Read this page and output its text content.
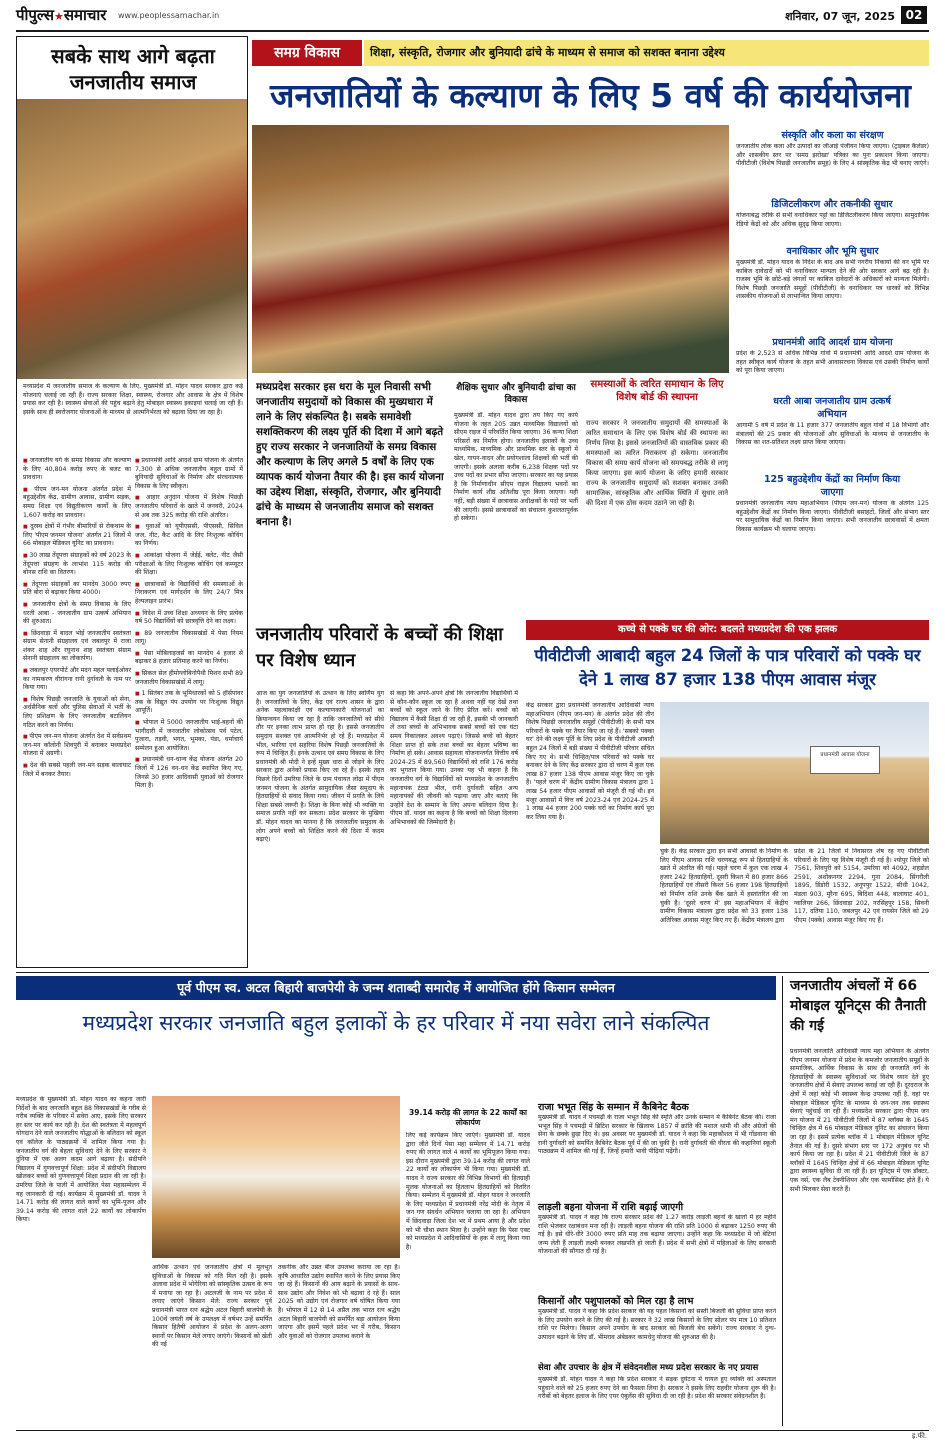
पीपुल्स★समाचार www.peoplessamachar.in	शनिवार, 07 जून, 2025 02
सबके साथ आगे बढ़ता जनजातीय समाज
मध्यप्रदेश में जनजातीय समाज के कल्याण के लिए, मुख्यमंत्री डॉ. मोहन यादव सरकार द्वारा कई योजनाएं चलाई जा रही हैं। राज्य सरकार शिक्षा, स्वास्थ्य, रोजगार और आवास के क्षेत्र में विशेष प्रयास कर रही है। स्वास्थ्य सेवाओं की पहुंच बढ़ाने हेतु मोबाइल स्वास्थ्य इकाइयां चलाई जा रही हैं। इसके साथ ही स्वरोजगार योजनाओं के माध्यम से आत्मनिर्भरता को बढ़ावा दिया जा रहा है।

■ जनजातीय वर्ग के समग्र विकास और कल्याण के लिए 40,804 करोड़ रुपए के बजट का प्रावधान।

■ पीएम जन-मन योजना अंतर्गत प्रदेश में बहुउद्देशीय केंद्र, ग्रामीण आवास, ग्रामीण सड़क, समग्र शिक्षा एवं विद्युतीकरण कार्यों के लिए 1,607 करोड़ का प्रावधान।

■ दुरस्थ क्षेत्रों में गंभीर बीमारियों से रोकथाम के लिए 'पीएम जनमन योजना' अंतर्गत 21 जिलों में 66 मोबाइल मेडिकल यूनिट का प्रावधान।

■ 30 लाख तेंदूपत्ता संग्राहकों को वर्ष 2023 के तेंदूपत्ता संग्रहण के लाभांश 115 करोड़ की बोनस राशि का वितरण।

■ तेंदूपत्ता संग्राहकों का मानदेय 3000 रुपए प्रति बोरा से बढ़ाकर किया 4000।

■ जनजातीय क्षेत्रों के समग्र विकास के लिए धरती आबा - जनजातीय ग्राम उत्कर्ष अभियान की शुरुआत।

■ छिंदवाड़ा में बादल भोई जनजातीय स्वतंत्रता संग्राम सेनानी संग्रहालय एवं जबलपुर में राजा शंकर शाह और रघुनाथ शाह स्वतंत्रता संग्राम सेनानी संग्रहालय का लोकार्पण।

■ जबलपुर एयरपोर्ट और मदन महल फ्लाईओवर का नामकरण वीरांगना रानी दुर्गावती के नाम पर किया गया।

■ विशेष पिछड़ी जनजाति के युवाओं को सेना, अर्धसैनिक बलों और पुलिस सेवाओं में भर्ती के लिए प्रशिक्षण के लिए जनजातीय बटालियन गठित करने का निर्णय।

■ पीएम जन-मन योजना अंतर्गत देश में सर्वप्रथम जन-मन कॉलोनी शिवपुरी में बनाकर मध्यप्रदेश योजना में अग्रणी।

■ देश की सबसे पहली जन-मन सड़क बालाघाट जिले में बनकर तैयार।

■ प्रधानमंत्री आदि आदर्श ग्राम योजना के अंतर्गत 7,300 से अधिक जनजातीय बहुल ग्रामों में बुनियादी सुविधाओं के निर्माण और संरचनात्मक विकास के लिए स्वीकृत।

■ आहार अनुदान योजना में विशेष पिछड़ी जनजातीय परिवारों के खाते में जनवरी, 2024 से अब तक 325 करोड़ की राशि अंतरित।

■ युवाओं को यूपीएससी, पीएससी, सिविल जज, नीट, कैट आदि के लिए निःशुल्क कोचिंग का निर्णय।

■ आकांक्षा योजना में जेईई, क्लेट, नीट जैसी परीक्षाओं के लिए निःशुल्क कोचिंग एवं कम्प्यूटर की शिक्षा।

■ छात्रावासों के विद्यार्थियों की समस्याओं के निराकरण एवं मार्गदर्शन के लिए 24/7 मित्र हेल्पलाइन प्रारंभ।

■ विदेश में उच्च शिक्षा अध्ययन के लिए प्रत्येक वर्ष 50 विद्यार्थियों को छात्रवृत्ति देने का लक्ष्य।

■ 89 जनजातीय विकासखंडों में पेसा नियम लागू।

■ पेसा मोबिलाइजर्स का मानदेय 4 हजार से बढ़ाकर 8 हजार प्रतिमाह करने का निर्णय।

■ सिकल सेल हीमोग्लोबिनोपैथी मिशन सभी 89 जनजातीय विकासखंडों में लागू।

■ 1 सितंबर तक के भूमिधारकों को 5 हॉर्सपावर तक के विद्युत पंप उपयोग पर निःशुल्क विद्युत आपूर्ति।

■ भोपाल में 5000 जनजातीय भाई-बहनों की भागीदारी में जनजातीय लोकोत्सव पर्व पटेल, पुजारा, तड़वी, भगत, भूमका, पंडा, धर्माचार्य सम्मेलन हुआ आयोजित।

■ प्रधानमंत्री धन-धान्य केंद्र योजना अंतर्गत 20 जिलों में 126 वन-धन केंद्र स्थापित किए गए, जिनसे 30 हजार आदिवासी युवाओं को रोजगार मिला है।

समग्र विकास	शिक्षा, संस्कृति, रोजगार और बुनियादी ढांचे के माध्यम से समाज को सशक्त बनाना उद्देश्य
जनजातियों के कल्याण के लिए 5 वर्ष की कार्ययोजना
संस्कृति और कला का संरक्षण
जनजातीय लोक कला और उत्पादों का जीआई पंजीयन किया जाएगा। (ट्राइबल कैलेंडर) और शासकीय स्तर पर 'समग्र झरोखा' पत्रिका का पुनः प्रकाशन किया जाएगा। पीवीटीजी (विशेष पिछड़ी जनजातीय समूह) के लिए 4 सांस्कृतिक केंद्र भी बनाए जाएंगे।
डिजिटलीकरण और तकनीकी सुधार
योजनाबद्ध तरीके से सभी वनाधिकार पट्टों का डिजिटलीकरण किया जाएगा। सामुदायिक रेडियो केंद्रों को और अधिक सुदृढ़ किया जाएगा।
वनाधिकार और भूमि सुधार
मुख्यमंत्री डॉ. मोहन यादव के निर्देश के बाद अब सभी नगरीय निकायों की वन भूमि पर काबिज दावेदारों को भी वनाधिकार मान्यता देने की ओर सरकार आगे बढ़ रही है। राजस्व भूमि के छोटे-बड़े जंगलों पर काबिज दावेदारों के अधिकारों को मान्यता मिलेगी। विशेष पिछड़ी जनजाति समूहों (पीवीटीजी) के वनाधिकार पत्र धारकों को विभिन्न शासकीय योजनाओं से लाभान्वित किया जाएगा।
प्रधानमंत्री आदि आदर्श ग्राम योजना
प्रदेश के 2,523 से अधिक विभिन्न गांवों में प्रधानमंत्री आदि आदर्श ग्राम योजना के तहत स्वीकृत कार्य योजना के तहत सभी आवासरचना विकास एवं उसकी निर्माण कार्यों को पूरा किया जाएगा।
धरती आबा जनजातीय ग्राम उत्कर्ष अभियान
आगामी 5 वर्ष में प्रदेश के 11 हजार 377 जनजातीय बहुल गांवों में 18 विभागों और मंत्रालयों की 25 प्रकार की योजनाओं और सुविधाओं के माध्यम से जनजातीय के विकास का शत-प्रतिशत लक्ष्य प्राप्त किया जाएगा।
125 बहुउद्देशीय केंद्रों का निर्माण किया जाएगा
प्रधानमंत्री जनजातीय न्याय महाअभियान (पीएम जन-मन) योजना के अंतर्गत 125 बहुउद्देशीय केंद्रों का निर्माण किया जाएगा। पीवीटीजी बसाहटों, जिलों और संभाग स्तर पर सामुदायिक केंद्रों का निर्माण किया जाएगा। सभी जनजातीय छात्रावासों में क्षमता विकास कार्यक्रम भी चलाया जाएगा।
मध्यप्रदेश सरकार इस धरा के मूल निवासी सभी जनजातीय समुदायों को विकास की मुख्यधारा में लाने के लिए संकल्पित है। सबके समावेशी सशक्तिकरण की लक्ष्य पूर्ति की दिशा में आगे बढ़ते हुए राज्य सरकार ने जनजातियों के समग्र विकास और कल्याण के लिए अगले 5 वर्षों के लिए एक व्यापक कार्य योजना तैयार की है। इस कार्य योजना का उद्देश्य शिक्षा, संस्कृति, रोजगार, और बुनियादी ढांचे के माध्यम से जनजातीय समाज को सशक्त बनाना है।
शैक्षिक सुधार और बुनियादी ढांचा का विकास
मुख्यमंत्री डॉ. मोहन यादव द्वारा तय किए गए कार्य योजना के तहत 205 उन्नत माध्यमिक विद्यालयों को सीएम राइज में परिवर्तित किया जाएगा। 36 कन्या शिक्षा परिसरों का निर्माण होगा। जनजातीय इलाकों के उच्च माध्यमिक, माध्यमिक और प्राथमिक स्तर के स्कूलों में खेल, गायन-वादन और प्रयोगशाला शिक्षकों की भर्ती की जाएगी। इसके अलावा करीब 6,238 शिक्षक पदों पर उच्च पदों का प्रभार सौंपा जाएगा। सरकार का यह प्रयास है कि निर्माणाधीन सीएम राइज विद्यालय भवनों का निर्माण कार्य शीघ्र अतिशीघ्र पूरा किया जाएगा। यही नहीं, बड़ी संख्या में छात्रावास अधीक्षकों के पदों पर भर्ती की जाएगी। इससे छात्रावासों का संचालन कुशलतापूर्वक हो सकेगा।
समस्याओं के त्वरित समाधान के लिए विशेष बोर्ड की स्थापना
राज्य सरकार ने जनजातीय समुदायों की समस्याओं के त्वरित समाधान के लिए एक विशेष बोर्ड की स्थापना का निर्णय लिया है। इससे जनजातियों की वास्तविक प्रकार की समस्याओं का त्वरित निराकरण हो सकेगा। जनजातीय विकास की समग्र कार्य योजना को समयबद्ध तरीके से लागू किया जाएगा। इस कार्य योजना के जरिए हमारी सरकार राज्य के जनजातीय समुदायों को सशक्त बनाकर उनकी सामाजिक, सांस्कृतिक और आर्थिक स्थिति में सुधार लाने की दिशा में एक ठोस कदम उठाने जा रही है।
जनजातीय परिवारों के बच्चों की शिक्षा पर विशेष ध्यान
आज का युग जनजातियों के उत्थान के लिए स्वर्णिम युग है। जनजातियों के लिए, केंद्र एवं राज्य शासन के द्वारा अनेक महत्वाकांक्षी एवं कल्याणकारी योजनाओं का क्रियान्वयन किया जा रहा है ताकि जनजातियों को सीधे तौर पर इनका लाभ प्राप्त हो रहा है। इससे जनजातीय समुदाय सशक्त एवं आत्मनिर्भर हो रहे हैं। मध्यप्रदेश में भील, भारिया एवं सहरिया विशेष पिछड़ी जनजातियों के रूप में चिन्हित हैं। इनके उत्थान एवं समग्र विकास के लिए प्रधानमंत्री श्री मोदी ने इन्हें मुख्य धारा से जोड़ने के लिए सरकार द्वारा अनेकों प्रयास किए जा रहे हैं। इसके तहत पिछले दिनों उमरिया जिले के ग्राम पंचायत लोढ़ा में पीएम जनमन योजना के अंतर्गत सामुदायिक जैसा समुदाय के हितग्राहियों से संवाद किया गया। जीवन में प्रगति के लिये शिक्षा सबसे जरूरी है। शिक्षा के बिना कोई भी व्यक्ति या समाज प्रगति नहीं कर सकता। प्रदेश सरकार के मुखिया डॉ. मोहन यादव का मानना है कि जनजातीय समुदाय के लोग अपने बच्चों को शिक्षित करने की दिशा में कदम बढ़ाएं।
से कहा कि अपने-अपने क्षेत्रों कि जनजातीय विद्यार्थियों में से कौन-कौन स्कूल जा रहा है अथवा नहीं यह देखें तथा बच्चों को स्कूल जाने के लिए प्रेरित करें। बच्चों को विद्यालय में कैसी शिक्षा दी जा रही है, इसकी भी जानकारी लें तथा बच्चों के अभिभावक सबसे बच्चों को एक घंटा समय निकालकर अवश्य पढ़ाएं। जिससे बच्चे को बेहतर शिक्षा प्राप्त हो सके तथा बच्चों का बेहतर भविष्य का निर्माण हो सके। आवास सहायता योजनान्तर्गत वित्तीय वर्ष 2024-25 में 89,560 विद्यार्थियों को राशि 176 करोड़ का भुगतान किया गया। उनका यह भी कहना है कि जनजातीय वर्ग के विद्यार्थियों को मध्यप्रदेश के जनजातीय महानायक टंट्या भील, रानी दुर्गावती सहित अन्य महानायकों की जीवनी को पढ़ाया जाए और बताएं कि उन्होंने देश के सम्मान के लिए अपना बलिदान दिया है। पीएम डॉ. यादव का कहना है कि बच्चों को शिक्षा दिलाना अभिभावकों की जिम्मेदारी है।
कच्चे से पक्के घर की ओर: बदलते मध्यप्रदेश की एक झलक
पीवीटीजी आबादी बहुल 24 जिलों के पात्र परिवारों को पक्के घर देने 1 लाख 87 हजार 138 पीएम आवास मंजूर
केंद्र सरकार द्वारा प्रधानमंत्री जनजातीय आदिवासी न्याय महाअभियान (पीएम जन-मन) के अंतर्गत प्रदेश की तीन विशेष पिछड़ी जनजातीय समूहों (पीवीटीजी) के सभी पात्र परिवारों के पक्के घर तैयार किए जा रहे हैं। 'सबको पक्का घर' देने की लक्ष्य पूर्ति के लिए प्रदेश के पीवीटीजी आबादी बहुल 24 जिलों में बड़ी संख्या में पीवीटीजी परिवार संचित किए गए थे। सभी चिन्हित/पात्र परिवारों को पक्के घर बनाकर देने के लिए केंद्र सरकार द्वारा दो चरण में कुल एक लाख 87 हजार 138 पीएम आवास मंजूर किए जा चुके हैं। 'पहले चरण में' केंद्रीय ग्रामीण विकास मंत्रालय द्वारा 1 लाख 54 हजार पीएम आवासों को मंजूरी दी गई थी। इन मंजूर आवासों में वित्त वर्ष 2023-24 एवं 2024-25 में 1 लाख 44 हजार 200 पक्के घरों का निर्माण कार्य पूरा कर लिया गया है।
प्रधानमंत्री आवास योजना
चुके हैं। केंद्र सरकार द्वारा इन सभी आवासों के निर्माण के लिए पीएम आवास राशि चरणबद्ध रूप से हितग्राहियों के खाते में अंतरित की गई। पहले चरण में कुल एक लाख 4 हजार 242 हितग्राहियों, दूसरी किश्त में 80 हजार 866 हितग्राहियों एवं तीसरी किश्त 56 हजार 198 हितग्राहियों को निर्माण राशि उनके बैंक खाते में हस्तांतरित की जा चुकी है। 'दूसरे चरण में' इस महाअभियान में केंद्रीय ग्रामीण विकास मंत्रालय द्वारा प्रदेश को 33 हजार 138 अतिरिक्त आवास मंजूर किए गए हैं। केंद्रीय मंत्रालय द्वारा
प्रदेश के 21 जिलों में निवासरत शेष रह गए पीवीटीजी परिवारों के लिए यह विशेष मंजूरी दी गई है। श्योपुर जिले को 7561, शिवपुरी को 5154, उमरिया को 4092, शहडोल 2591, अशोकनगर 2294, गुना 2084, सिंगरौली 1895, डिंडोरी 1532, अनूपपुर 1522, सीधी 1042, मंडला 903, मुरैना 695, बिदिशा 448, बालाघाट 401, ग्वालियर 266, छिंदवाड़ा 202, नरसिंहपुर 158, सिवनी 117, दतिया 110, जबलपुर 42 एवं रायसेन जिले को 29 पीएम (पक्के) आवास मंजूर किए गए हैं।
पूर्व पीएम स्व. अटल बिहारी बाजपेयी के जन्म शताब्दी समारोह में आयोजित होंगे किसान सम्मेलन
मध्यप्रदेश सरकार जनजाति बहुल इलाकों के हर परिवार में नया सवेरा लाने संकल्पित
मध्यप्रदेश के मुख्यमंत्री डॉ. मोहन यादव का कहना जारी निर्देशों के बाद जनजाति बहुल 88 विकासखंडों के गरीब से गरीब व्यक्ति के परिवार में सवेरा आए, इसके लिए सरकार हर स्तर पर कार्य कर रही है। देश की स्वतंत्रता में महत्वपूर्ण योगदान देने वाले जनजातीय योद्धाओं के बलिदान को स्कूल एवं कॉलेज के पाठ्यक्रमों में शामिल किया गया है। जनजातीय वर्ग की बेहतर सुविधाएं देने के लिए सरकार ने दुनिया में एक अलग कदम आगे बढ़ाया है। संदीपनि विद्यालय में गुणवत्तापूर्ण शिक्षा: प्रदेश में संदीपनि विद्यालय खोलकर बच्चों को गुणवत्तापूर्ण शिक्षा प्रदान की जा रही है। उमरिया जिले के पाली में आयोजित पेसा महासम्मेलन में यह जानकारी दी गई। कार्यक्रम में मुख्यमंत्री डॉ. यादव ने 14.71 करोड़ की लागत वाले कार्यों का भूमि-पूजन और 39.14 करोड़ की लागत वाले 22 कार्यों का लोकार्पण किया।
आर्थिक उत्थान एवं जनजातीय क्षेत्रों में मूलभूत सुविधाओं के विकास को गति मिल रही है। इसके अलावा प्रदेश में भोगेरिया को सांस्कृतिक उत्सव के रूप में मनाया जा रहा है। अटलजी के नाम पर प्रदेश में लगाए जाएंगे किसान मेले: राज्य सरकार पूर्व प्रधानमंत्री भारत रत्न श्रद्धेय अटल बिहारी बाजपेयी के 100वें जयंती वर्ष के उपलक्ष्य में वर्षभर उन्हें समर्पित किसान हितैषी आयोजन में प्रदेश के अलग-अलग स्थानों पर किसान मेले लगाए जाएंगे। किसानों को खेती की नई
तकनीक और उन्नत बीज उपलब्ध कराया जा रहा है। कृषि आधारित उद्योग स्थापित करने के लिए प्रयास किए जा रहे हैं। किसानों की आय बढ़ाने के प्रयासों के साथ-साथ उद्योग और निवेश को भी बढ़ावा दे रहे हैं। साल 2025 को उद्योग एवं रोजगार वर्ष घोषित किया गया है। भोपाल में 12 से 14 अप्रैल तक भारत रत्न श्रद्धेय अटल बिहारी बाजपेयी को समर्पित बड़ा आयोजन किया जाएगा और इसमें पहले प्रदेश भर में गरीब, किसान और युवाओं को रोजगार उपलब्ध कराने के
39.14 करोड़ की लागत के 22 कार्यों का लोकार्पण
लिए कई कार्यक्रम किए जाएंगे। मुख्यमंत्री डॉ. यादव द्वारा जीते दिनों पेसा महा सम्मेलन में 14.71 करोड़ रुपए की लागत वाले 4 कार्यों का भूमिपूजन किया गया। इस दौरान मुख्यमंत्री द्वारा 39.14 करोड़ की लागत वाले 22 कार्यों का लोकार्पण भी किया गया। मुख्यमंत्री डॉ. यादव ने राज्य सरकार की विभिन्न विभागों की हितग्राही मूलक योजनाओं का हितलाभ हितग्राहियों को वितरित किया। सम्मेलन में मुख्यमंत्री डॉ. मोहन यादव ने जनजाति के लिए मध्यप्रदेश में प्रधानमंत्री नरेंद्र मोदी के नेतृत्व में जन गण संवर्धन अभियान चलाया जा रहा है। अभियान में छिंदवाड़ा जिला देश भर में प्रथम आया है और प्रदेश को भी चौथा स्थान मिला है। उन्होंने कहा कि पेसा एक्ट को मध्यप्रदेश में आदिवासियों के हक में लागू किया गया है।
राजा भभूत सिंह के सम्मान में कैबिनेट बैठक
मुख्यमंत्री डॉ. यादव ने पचमढ़ी के राजा भभूत सिंह की स्मृति और उनके सम्मान में कैबिनेट बैठक की। राजा भभूत सिंह ने पचमढ़ी में ब्रिटिश सरकार के खिलाफ 1857 में क्रांति की मशाल थामी थी और अंग्रेजों की सेना के छक्के छुड़ा दिए थे। इस अवसर पर मुख्यमंत्री डॉ. यादव ने कहा कि महाकौशल में भी गोंडवाना की रानी दुर्गावती को समर्पित कैबिनेट बैठक पूर्व में की जा चुकी है। रानी दुर्गावती की वीरता की कहानियां स्कूली पाठ्यक्रम में शामिल की गई हैं, जिन्हें हमारी भावी पीढ़ियां पढ़ेंगी।
लाड़ली बहना योजना में राशि बढ़ाई जाएगी
मुख्यमंत्री डॉ. यादव ने कहा कि राज्य सरकार प्रदेश की 1.27 करोड़ लाड़ली बहनों के खातों में हर महीने राशि भेजकर रक्षाबंधन मना रही है। लाड़ली बहना योजना की राशि प्रति 1000 से बढ़ाकर 1250 रुपए की गई है। इसे धीरे-धीरे 3000 रुपए प्रति माह तक बढ़ाया जाएगा। उन्होंने कहा कि मध्यप्रदेश में जो बेटियां जन्म लेती हैं लाड़ली लक्ष्मी बनकर लखपति हो जाती हैं। प्रदेश में सभी क्षेत्रों में महिलाओं के लिए सरकारी योजनाओं की सौगात दी गई है।
किसानों और पशुपालकों को मिल रहा है लाभ
मुख्यमंत्री डॉ. यादव ने कहा कि प्रदेश सरकार की यह पहल किसानों को सस्ती बिजली की सुविधा प्राप्त करने के लिए उपयोग करने के लिए की गई है। सरकार ने 32 लाख किसानों के लिए सोलर पंप मात्र 10 प्रतिशत राशि पर मिलेगा। किसान अपने उपयोग के बाद सरकार को बिजली बेच सकेंगे। राज्य सरकार ने दुग्ध-उत्पादन बढ़ाने के लिए डॉ. भीमराव अंबेडकर कामधेनु योजना की शुरुआत की है।
सेवा और उपचार के क्षेत्र में संवेदनशील मध्य प्रदेश सरकार के नए प्रयास
मुख्यमंत्री डॉ. मोहन यादव ने कहा कि प्रदेश सरकार ने सड़क दुर्घटना में घायल हुए व्यक्ति को अस्पताल पहुंचाने वाले को 25 हजार रुपए देने का फैसला लिया है। सरकार ने इसके लिए राहवीर योजना शुरू की है। गरीबों को बेहतर इलाज के लिए एयर एंबुलेंस की सुविधा दी जा रही है। प्रदेश की सरकार संवेदनशील है।
जनजातीय अंचलों में 66 मोबाइल यूनिट्स की तैनाती की गई
प्रधानमंत्री जनजाति आदिवासी न्याय महा अभियान के अंतर्गत पीएम जनमन योजना में प्रदेश के कमजोर जनजातीय समूहों के सामाजिक, आर्थिक विकास के साथ ही जनजाति वर्ग के हितग्राहियों के स्वास्थ्य सुविधाओं पर विशेष ध्यान देते हुए जनजातीय क्षेत्रों में सेवाएं उपलब्ध कराई जा रही हैं। दूरदराज के क्षेत्रों में जहां कोई भी स्वास्थ्य केन्द्र उपलब्ध नहीं है, वहां पर मोबाइल मेडिकल यूनिट के माध्यम से जन-जन तक स्वास्थ्य सेवाएं पहुंचाई जा रही हैं। मध्यप्रदेश सरकार द्वारा पीएम जन मन योजना में 21 पीवीटीजी जिलों में 87 ब्लॉक्स के 1645 चिन्हित क्षेत्र में 66 मोबाइल मेडिकल यूनिट का संचालन किया जा रहा है। इसमें प्रत्येक ब्लॉक में 1 मोबाइल मेडिकल यूनिट तैनात की गई है। दूसरे संभाग स्तर पर 172 अनुबंध पर भी कार्य किया जा रहा है। प्रदेश में 21 पीवीटीजी जिले के 87 ब्लॉकों में 1645 चिन्हित क्षेत्रों में 66 मोबाइल मेडिकल यूनिट द्वारा स्वास्थ्य सुविधा दी जा रही हैं। इन यूनिट्स में एक डॉक्टर, एक नर्स, एक लैब टेक्नीशियन और एक फार्मासिस्ट होते हैं। ये सभी मिलकर सेवा करते हैं।
इ.फी.
